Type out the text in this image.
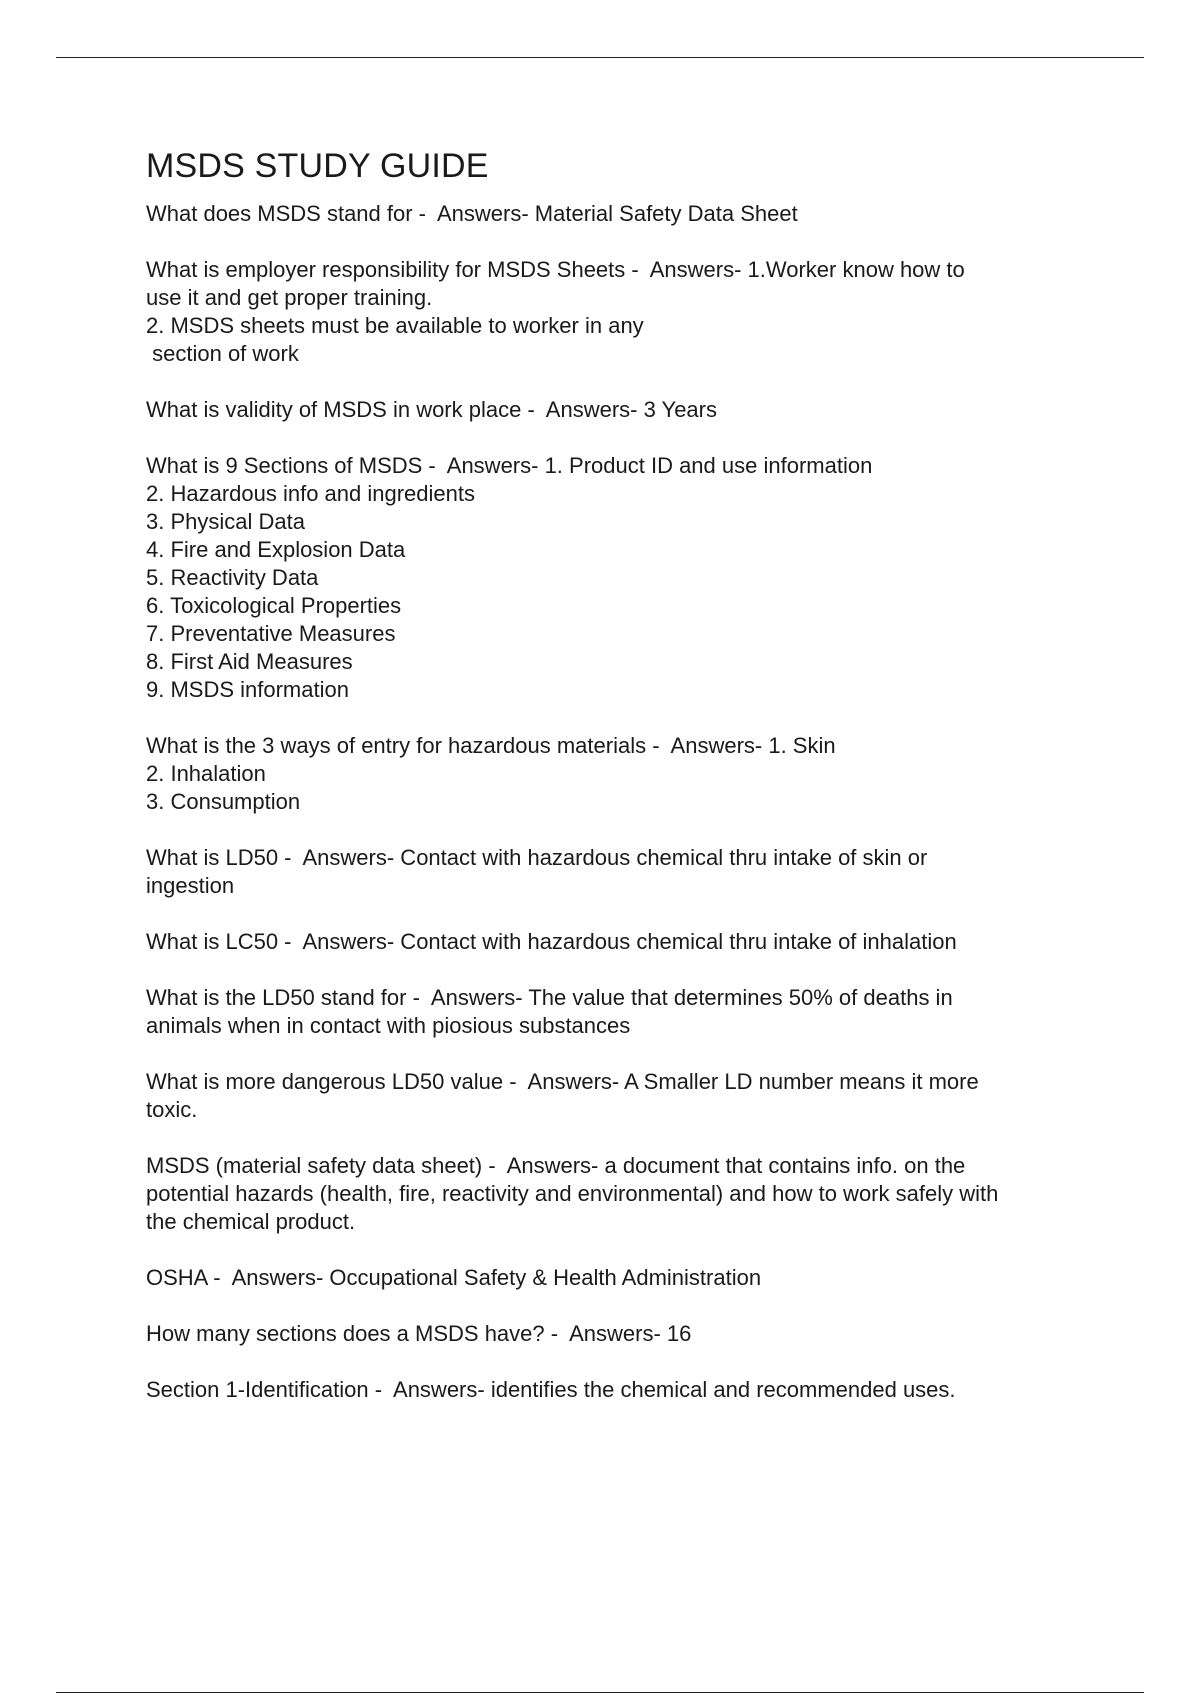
MSDS STUDY GUIDE

What does MSDS stand for -  Answers- Material Safety Data Sheet

What is employer responsibility for MSDS Sheets -  Answers- 1.Worker know how to
use it and get proper training.
2. MSDS sheets must be available to worker in any
section of work

What is validity of MSDS in work place -  Answers- 3 Years

What is 9 Sections of MSDS -  Answers- 1. Product ID and use information
2. Hazardous info and ingredients
3. Physical Data
4. Fire and Explosion Data
5. Reactivity Data
6. Toxicological Properties
7. Preventative Measures
8. First Aid Measures
9. MSDS information

What is the 3 ways of entry for hazardous materials -  Answers- 1. Skin
2. Inhalation
3. Consumption

What is LD50 -  Answers- Contact with hazardous chemical thru intake of skin or
ingestion

What is LC50 -  Answers- Contact with hazardous chemical thru intake of inhalation

What is the LD50 stand for -  Answers- The value that determines 50% of deaths in
animals when in contact with piosious substances

What is more dangerous LD50 value -  Answers- A Smaller LD number means it more
toxic.

MSDS (material safety data sheet) -  Answers- a document that contains info. on the
potential hazards (health, fire, reactivity and environmental) and how to work safely with
the chemical product.

OSHA -  Answers- Occupational Safety & Health Administration

How many sections does a MSDS have? -  Answers- 16

Section 1-Identification -  Answers- identifies the chemical and recommended uses.
